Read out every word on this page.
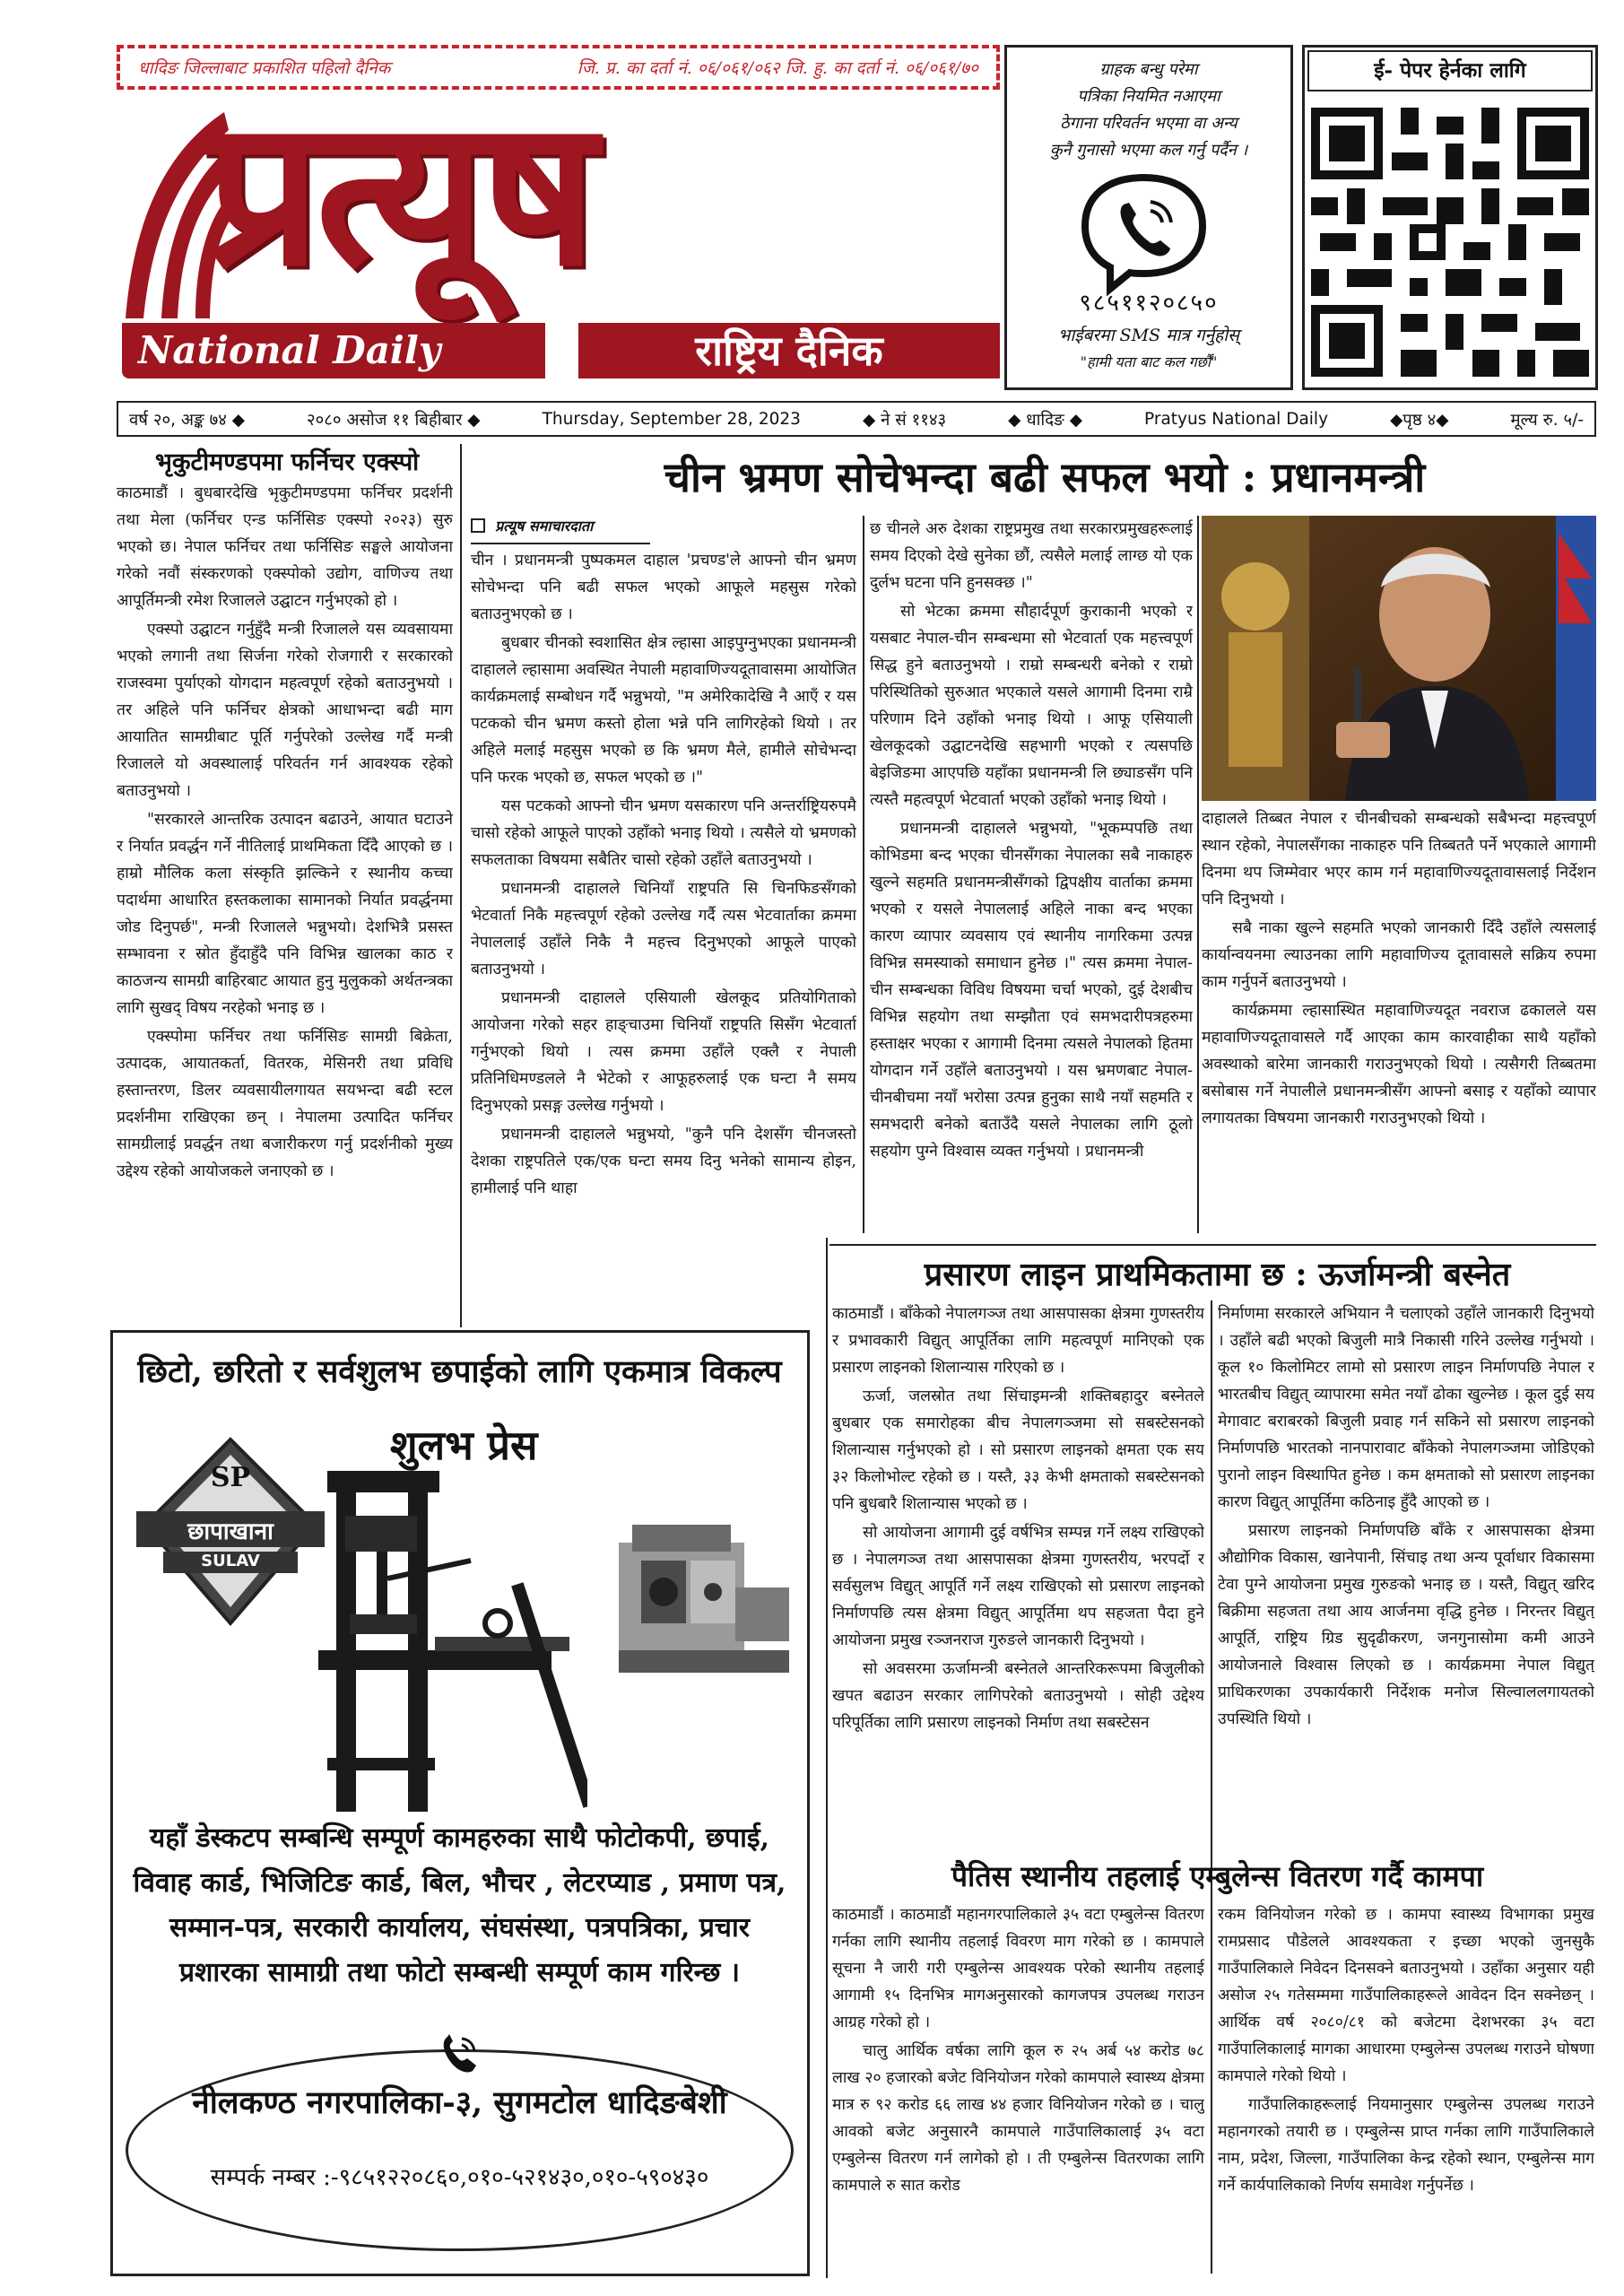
धादिङ जिल्लाबाट प्रकाशित पहिलो दैनिक	जि. प्र. का दर्ता नं. ०६/०६१/०६२ जि. हु. का दर्ता नं. ०६/०६१/७०
प्रत्यूष
National Daily	राष्ट्रिय दैनिक
ग्राहक बन्धु परेमा
पत्रिका नियमित नआएमा
ठेगाना परिवर्तन भएमा वा अन्य
कुनै गुनासो भएमा कल गर्नु पर्दैन ।
९८५११२०८५०
भाईबरमा SMS मात्र गर्नुहोस्
"हामी यता बाट कल गर्छौं"
ई- पेपर हेर्नका लागि
वर्ष २०, अङ्क ७४ ◆	२०८० असोज ११ बिहीबार ◆	Thursday, September 28, 2023	◆ ने सं ११४३	◆ धादिङ ◆	Pratyus National Daily	◆पृष्ठ ४◆	मूल्य रु. ५/-
भृकुटीमण्डपमा फर्निचर एक्स्पो

काठमाडौं । बुधबारदेखि भृकुटीमण्डपमा फर्निचर प्रदर्शनी तथा मेला (फर्निचर एन्ड फर्निसिङ एक्स्पो २०२३) सुरु भएको छ। नेपाल फर्निचर तथा फर्निसिङ सङ्घले आयोजना गरेको नवौं संस्करणको एक्स्पोको उद्योग, वाणिज्य तथा आपूर्तिमन्त्री रमेश रिजालले उद्घाटन गर्नुभएको हो ।

एक्स्पो उद्घाटन गर्नुहुँदै मन्त्री रिजालले यस व्यवसायमा भएको लगानी तथा सिर्जना गरेको रोजगारी र सरकारको राजस्वमा पुर्याएको योगदान महत्वपूर्ण रहेको बताउनुभयो । तर अहिले पनि फर्निचर क्षेत्रको आधाभन्दा बढी माग आयातित सामग्रीबाट पूर्ति गर्नुपरेको उल्लेख गर्दै मन्त्री रिजालले यो अवस्थालाई परिवर्तन गर्न आवश्यक रहेको बताउनुभयो ।

"सरकारले आन्तरिक उत्पादन बढाउने, आयात घटाउने र निर्यात प्रवर्द्धन गर्ने नीतिलाई प्राथमिकता दिँदै आएको छ । हाम्रो मौलिक कला संस्कृति झल्किने र स्थानीय कच्चा पदार्थमा आधारित हस्तकलाका सामानको निर्यात प्रवर्द्धनमा जोड दिनुपर्छ", मन्त्री रिजालले भन्नुभयो। देशभित्रै प्रसस्त सम्भावना र स्रोत हुँदाहुँदै पनि विभिन्न खालका काठ र काठजन्य सामग्री बाहिरबाट आयात हुनु मुलुकको अर्थतन्त्रका लागि सुखद् विषय नरहेको भनाइ छ ।

एक्स्पोमा फर्निचर तथा फर्निसिङ सामग्री बिक्रेता, उत्पादक, आयातकर्ता, वितरक, मेसिनरी तथा प्रविधि हस्तान्तरण, डिलर व्यवसायीलगायत सयभन्दा बढी स्टल प्रदर्शनीमा राखिएका छन् । नेपालमा उत्पादित फर्निचर सामग्रीलाई प्रवर्द्धन तथा बजारीकरण गर्नु प्रदर्शनीको मुख्य उद्देश्य रहेको आयोजकले जनाएको छ ।

चीन भ्रमण सोचेभन्दा बढी सफल भयो : प्रधानमन्त्री
प्रत्यूष समाचारदाता

चीन । प्रधानमन्त्री पुष्पकमल दाहाल 'प्रचण्ड'ले आफ्नो चीन भ्रमण सोचेभन्दा पनि बढी सफल भएको आफूले महसुस गरेको बताउनुभएको छ ।

बुधबार चीनको स्वशासित क्षेत्र ल्हासा आइपुग्नुभएका प्रधानमन्त्री दाहालले ल्हासामा अवस्थित नेपाली महावाणिज्यदूतावासमा आयोजित कार्यक्रमलाई सम्बोधन गर्दै भन्नुभयो, "म अमेरिकादेखि नै आएँ र यस पटकको चीन भ्रमण कस्तो होला भन्ने पनि लागिरहेको थियो । तर अहिले मलाई महसुस भएको छ कि भ्रमण मैले, हामीले सोचेभन्दा पनि फरक भएको छ, सफल भएको छ ।"

यस पटकको आफ्नो चीन भ्रमण यसकारण पनि अन्तर्राष्ट्रियरुपमै चासो रहेको आफूले पाएको उहाँको भनाइ थियो । त्यसैले यो भ्रमणको सफलताका विषयमा सबैतिर चासो रहेको उहाँले बताउनुभयो ।

प्रधानमन्त्री दाहालले चिनियाँ राष्ट्रपति सि चिनफिङसँगको भेटवार्ता निकै महत्त्वपूर्ण रहेको उल्लेख गर्दै त्यस भेटवार्ताका क्रममा नेपाललाई उहाँले निकै नै महत्त्व दिनुभएको आफूले पाएको बताउनुभयो ।

प्रधानमन्त्री दाहालले एसियाली खेलकूद प्रतियोगिताको आयोजना गरेको सहर हाङ्चाउमा चिनियाँ राष्ट्रपति सिसँग भेटवार्ता गर्नुभएको थियो । त्यस क्रममा उहाँले एक्लै र नेपाली प्रतिनिधिमण्डलले नै भेटेको र आफूहरुलाई एक घन्टा नै समय दिनुभएको प्रसङ्ग उल्लेख गर्नुभयो ।

प्रधानमन्त्री दाहालले भन्नुभयो, "कुनै पनि देशसँग चीनजस्तो देशका राष्ट्रपतिले एक/एक घन्टा समय दिनु भनेको सामान्य होइन, हामीलाई पनि थाहा

छ चीनले अरु देशका राष्ट्रप्रमुख तथा सरकारप्रमुखहरूलाई समय दिएको देखे सुनेका छौं, त्यसैले मलाई लाग्छ यो एक दुर्लभ घटना पनि हुनसक्छ ।"

सो भेटका क्रममा सौहार्दपूर्ण कुराकानी भएको र यसबाट नेपाल-चीन सम्बन्धमा सो भेटवार्ता एक महत्त्वपूर्ण सिद्ध हुने बताउनुभयो । राम्रो सम्बन्धरी बनेको र राम्रो परिस्थितिको सुरुआत भएकाले यसले आगामी दिनमा राम्रै परिणाम दिने उहाँको भनाइ थियो । आफू एसियाली खेलकूदको उद्घाटनदेखि सहभागी भएको र त्यसपछि बेइजिङमा आएपछि यहाँका प्रधानमन्त्री लि छ्याङसँग पनि त्यस्तै महत्वपूर्ण भेटवार्ता भएको उहाँको भनाइ थियो ।

प्रधानमन्त्री दाहालले भन्नुभयो, "भूकम्पपछि तथा कोभिडमा बन्द भएका चीनसँगका नेपालका सबै नाकाहरु खुल्ने सहमति प्रधानमन्त्रीसँगको द्विपक्षीय वार्ताका क्रममा भएको र यसले नेपाललाई अहिले नाका बन्द भएका कारण व्यापार व्यवसाय एवं स्थानीय नागरिकमा उत्पन्न विभिन्न समस्याको समाधान हुनेछ ।" त्यस क्रममा नेपाल-चीन सम्बन्धका विविध विषयमा चर्चा भएको, दुई देशबीच विभिन्न सहयोग तथा सम्झौता एवं समभदारीपत्रहरुमा हस्ताक्षर भएका र आगामी दिनमा त्यसले नेपालको हितमा योगदान गर्ने उहाँले बताउनुभयो । यस भ्रमणबाट नेपाल-चीनबीचमा नयाँ भरोसा उत्पन्न हुनुका साथै नयाँ सहमति र समभदारी बनेको बताउँदै यसले नेपालका लागि ठूलो सहयोग पुग्ने विश्वास व्यक्त गर्नुभयो । प्रधानमन्त्री

दाहालले तिब्बत नेपाल र चीनबीचको सम्बन्धको सबैभन्दा महत्त्वपूर्ण स्थान रहेको, नेपालसँगका नाकाहरु पनि तिब्बततै पर्ने भएकाले आगामी दिनमा थप जिम्मेवार भएर काम गर्न महावाणिज्यदूतावासलाई निर्देशन पनि दिनुभयो ।

सबै नाका खुल्ने सहमति भएको जानकारी दिँदै उहाँले त्यसलाई कार्यान्वयनमा ल्याउनका लागि महावाणिज्य दूतावासले सक्रिय रुपमा काम गर्नुपर्ने बताउनुभयो ।

कार्यक्रममा ल्हासास्थित महावाणिज्यदूत नवराज ढकालले यस महावाणिज्यदूतावासले गर्दै आएका काम कारवाहीका साथै यहाँको अवस्थाको बारेमा जानकारी गराउनुभएको थियो । त्यसैगरी तिब्बतमा बसोबास गर्ने नेपालीले प्रधानमन्त्रीसँग आफ्नो बसाइ र यहाँको व्यापार लगायतका विषयमा जानकारी गराउनुभएको थियो ।

प्रसारण लाइन प्राथमिकतामा छ : ऊर्जामन्त्री बस्नेत

काठमाडौं । बाँकेको नेपालगञ्ज तथा आसपासका क्षेत्रमा गुणस्तरीय र प्रभावकारी विद्युत् आपूर्तिका लागि महत्वपूर्ण मानिएको एक प्रसारण लाइनको शिलान्यास गरिएको छ ।

ऊर्जा, जलस्रोत तथा सिंचाइमन्त्री शक्तिबहादुर बस्नेतले बुधबार एक समारोहका बीच नेपालगञ्जमा सो सबस्टेसनको शिलान्यास गर्नुभएको हो । सो प्रसारण लाइनको क्षमता एक सय ३२ किलोभोल्ट रहेको छ । यस्तै, ३३ केभी क्षमताको सबस्टेसनको पनि बुधबारै शिलान्यास भएको छ ।

सो आयोजना आगामी दुई वर्षभित्र सम्पन्न गर्ने लक्ष्य राखिएको छ । नेपालगञ्ज तथा आसपासका क्षेत्रमा गुणस्तरीय, भरपर्दो र सर्वसुलभ विद्युत् आपूर्ति गर्ने लक्ष्य राखिएको सो प्रसारण लाइनको निर्माणपछि त्यस क्षेत्रमा विद्युत् आपूर्तिमा थप सहजता पैदा हुने आयोजना प्रमुख रञ्जनराज गुरुङले जानकारी दिनुभयो ।

सो अवसरमा ऊर्जामन्त्री बस्नेतले आन्तरिकरूपमा बिजुलीको खपत बढाउन सरकार लागिपरेको बताउनुभयो । सोही उद्देश्य परिपूर्तिका लागि प्रसारण लाइनको निर्माण तथा सबस्टेसन

निर्माणमा सरकारले अभियान नै चलाएको उहाँले जानकारी दिनुभयो । उहाँले बढी भएको बिजुली मात्रै निकासी गरिने उल्लेख गर्नुभयो । कूल १० किलोमिटर लामो सो प्रसारण लाइन निर्माणपछि नेपाल र भारतबीच विद्युत् व्यापारमा समेत नयाँ ढोका खुल्नेछ । कूल दुई सय मेगावाट बराबरको बिजुली प्रवाह गर्न सकिने सो प्रसारण लाइनको निर्माणपछि भारतको नानपारावाट बाँकेको नेपालगञ्जमा जोडिएको पुरानो लाइन विस्थापित हुनेछ । कम क्षमताको सो प्रसारण लाइनका कारण विद्युत् आपूर्तिमा कठिनाइ हुँदै आएको छ ।

प्रसारण लाइनको निर्माणपछि बाँके र आसपासका क्षेत्रमा औद्योगिक विकास, खानेपानी, सिंचाइ तथा अन्य पूर्वाधार विकासमा टेवा पुग्ने आयोजना प्रमुख गुरुङको भनाइ छ । यस्तै, विद्युत् खरिद बिक्रीमा सहजता तथा आय आर्जनमा वृद्धि हुनेछ । निरन्तर विद्युत् आपूर्ति, राष्ट्रिय ग्रिड सुदृढीकरण, जनगुनासोमा कमी आउने आयोजनाले विश्वास लिएको छ । कार्यक्रममा नेपाल विद्युत् प्राधिकरणका उपकार्यकारी निर्देशक मनोज सिल्वाललगायतको उपस्थिति थियो ।

पैतिस स्थानीय तहलाई एम्बुलेन्स वितरण गर्दै कामपा

काठमाडौं । काठमाडौं महानगरपालिकाले ३५ वटा एम्बुलेन्स वितरण गर्नका लागि स्थानीय तहलाई विवरण माग गरेको छ । कामपाले सूचना नै जारी गरी एम्बुलेन्स आवश्यक परेको स्थानीय तहलाई आगामी १५ दिनभित्र मागअनुसारको कागजपत्र उपलब्ध गराउन आग्रह गरेको हो ।

चालु आर्थिक वर्षका लागि कूल रु २५ अर्ब ५४ करोड ७८ लाख २० हजारको बजेट विनियोजन गरेको कामपाले स्वास्थ्य क्षेत्रमा मात्र रु ९२ करोड ६६ लाख ४४ हजार विनियोजन गरेको छ । चालु आवको बजेट अनुसारनै कामपाले गाउँपालिकालाई ३५ वटा एम्बुलेन्स वितरण गर्न लागेको हो । ती एम्बुलेन्स वितरणका लागि कामपाले रु सात करोड

रकम विनियोजन गरेको छ । कामपा स्वास्थ्य विभागका प्रमुख रामप्रसाद पौडेलले आवश्यकता र इच्छा भएको जुनसुकै गाउँपालिकाले निवेदन दिनसक्ने बताउनुभयो । उहाँका अनुसार यही असोज २५ गतेसम्ममा गाउँपालिकाहरूले आवेदन दिन सक्नेछन् । आर्थिक वर्ष २०८०/८१ को बजेटमा देशभरका ३५ वटा गाउँपालिकालाई मागका आधारमा एम्बुलेन्स उपलब्ध गराउने घोषणा कामपाले गरेको थियो ।

गाउँपालिकाहरूलाई नियमानुसार एम्बुलेन्स उपलब्ध गराउने महानगरको तयारी छ । एम्बुलेन्स प्राप्त गर्नका लागि गाउँपालिकाले नाम, प्रदेश, जिल्ला, गाउँपालिका केन्द्र रहेको स्थान, एम्बुलेन्स माग गर्ने कार्यपालिकाको निर्णय समावेश गर्नुपर्नेछ ।

छिटो, छरितो र सर्वशुलभ छपाईको लागि एकमात्र विकल्प
शुलभ प्रेस
SP
छापाखाना
SULAV
यहाँ डेस्कटप सम्बन्धि सम्पूर्ण कामहरुका साथै फोटोकपी, छपाई,
विवाह कार्ड, भिजिटिङ कार्ड, बिल, भौचर , लेटरप्याड , प्रमाण पत्र,
सम्मान-पत्र, सरकारी कार्यालय, संघसंस्था, पत्रपत्रिका, प्रचार
प्रशारका सामाग्री तथा फोटो सम्बन्धी सम्पूर्ण काम गरिन्छ ।
नीलकण्ठ नगरपालिका-३, सुगमटोल धादिङबेशी
सम्पर्क नम्बर :-९८५१२२०८६०,०१०-५२१४३०,०१०-५९०४३०
